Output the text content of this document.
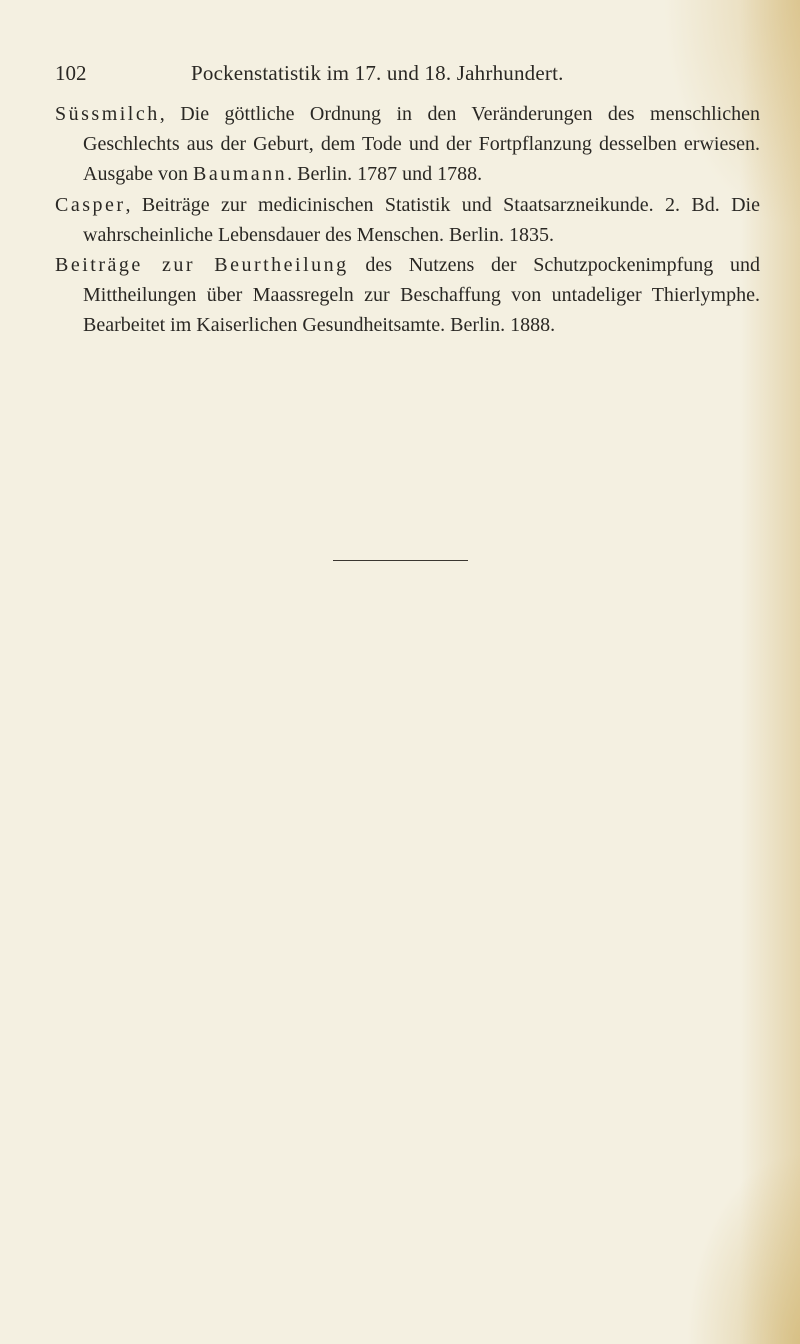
102	Pockenstatistik im 17. und 18. Jahrhundert.

Süssmilch, Die göttliche Ordnung in den Veränderungen des menschlichen Geschlechts aus der Geburt, dem Tode und der Fortpflanzung desselben erwiesen. Ausgabe von Baumann. Berlin. 1787 und 1788.

Casper, Beiträge zur medicinischen Statistik und Staatsarzneikunde. 2. Bd. Die wahrscheinliche Lebensdauer des Menschen. Berlin. 1835.

Beiträge zur Beurtheilung des Nutzens der Schutzpockenimpfung und Mittheilungen über Maassregeln zur Beschaffung von untadeliger Thierlymphe. Bearbeitet im Kaiserlichen Gesundheitsamte. Berlin. 1888.
